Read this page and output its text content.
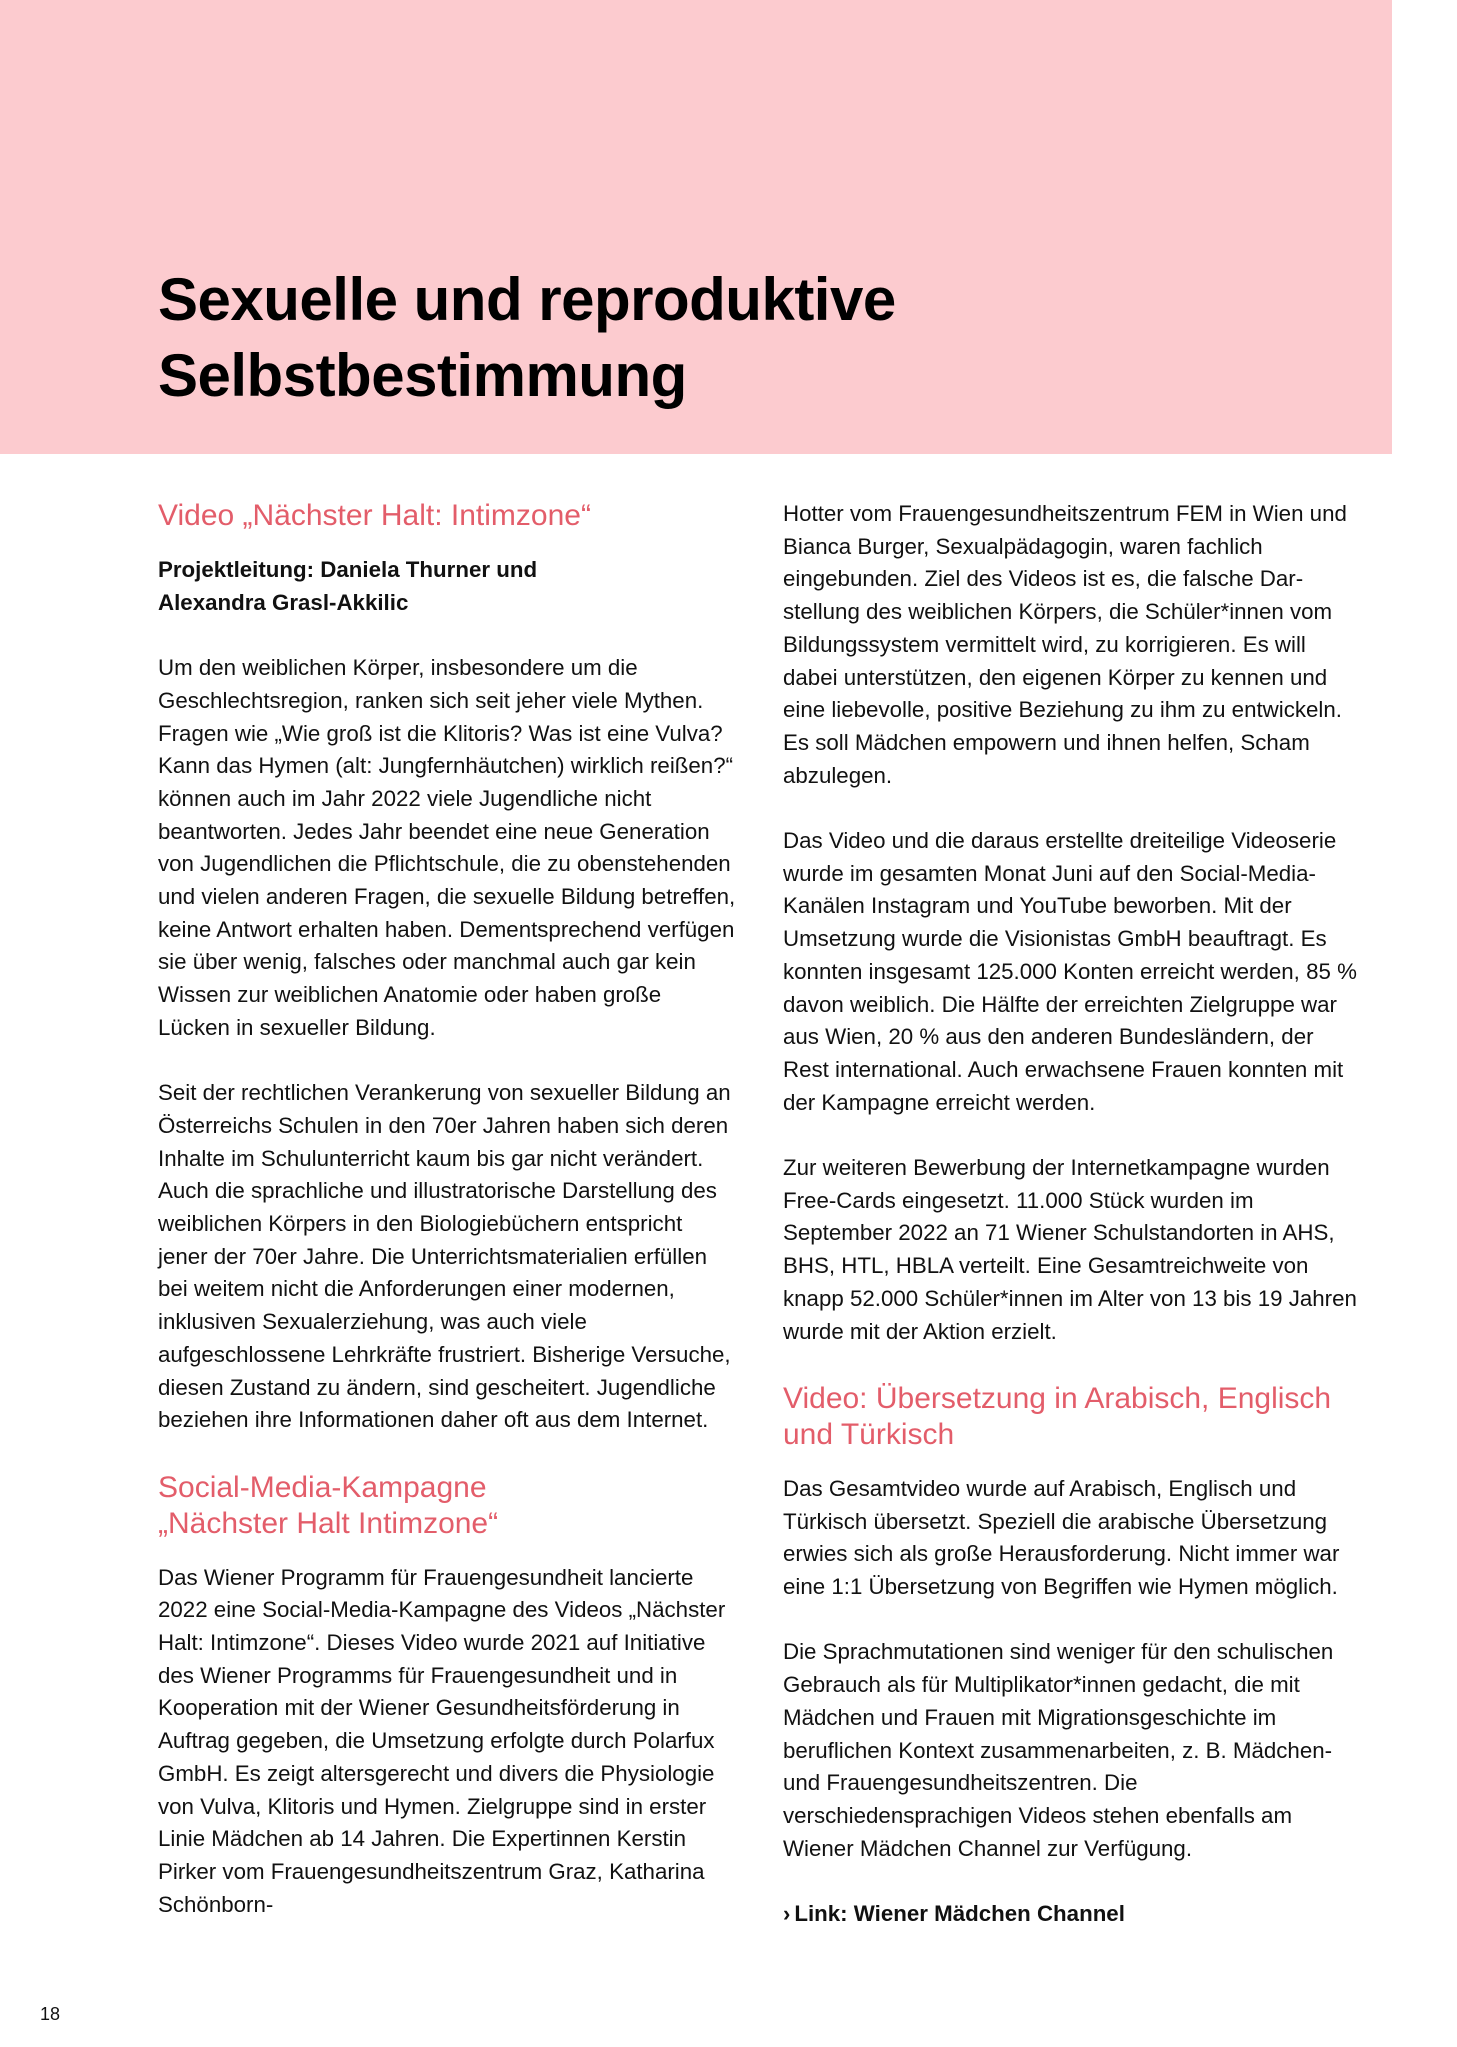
Sexuelle und reproduktive
Selbstbestimmung
Video „Nächster Halt: Intimzone“

Projektleitung: Daniela Thurner und
Alexandra Grasl-Akkilic

Um den weiblichen Körper, insbesondere um die Geschlechtsregion, ranken sich seit jeher viele Mythen. Fragen wie „Wie groß ist die Klitoris? Was ist eine Vulva? Kann das Hymen (alt: Jungfernhäutchen) wirklich reißen?“ können auch im Jahr 2022 viele Jugendliche nicht beantworten. Jedes Jahr beendet eine neue Generation von Jugendlichen die Pflichtschule, die zu obenstehenden und vielen anderen Fragen, die sexuelle Bildung betreffen, keine Antwort erhalten haben. Dementsprechend verfügen sie über wenig, falsches oder manchmal auch gar kein Wissen zur weiblichen Anatomie oder haben große Lücken in sexueller Bildung.

Seit der rechtlichen Verankerung von sexueller Bildung an Österreichs Schulen in den 70er Jahren haben sich deren Inhalte im Schulunterricht kaum bis gar nicht verändert. Auch die sprachliche und illustratorische Darstellung des weiblichen Körpers in den Biologiebüchern entspricht jener der 70er Jahre. Die Unterrichtsmaterialien erfüllen bei weitem nicht die Anforderungen einer modernen, inklusiven Sexualerziehung, was auch viele aufgeschlossene Lehrkräfte frustriert. Bisherige Versuche, diesen Zustand zu ändern, sind gescheitert. Jugendliche beziehen ihre Informationen daher oft aus dem Internet.

Social-Media-Kampagne
„Nächster Halt Intimzone“

Das Wiener Programm für Frauengesundheit lancierte 2022 eine Social-Media-Kampagne des Videos „Nächster Halt: Intimzone“. Dieses Video wurde 2021 auf Initiative des Wiener Programms für Frauengesundheit und in Kooperation mit der Wiener Gesundheitsförderung in Auftrag gegeben, die Umsetzung erfolgte durch Polarfux GmbH. Es zeigt altersgerecht und divers die Physiologie von Vulva, Klitoris und Hymen. Zielgruppe sind in erster Linie Mädchen ab 14 Jahren. Die Expertinnen Kerstin Pirker vom Frauengesundheitszentrum Graz, Katharina Schönborn-

Hotter vom Frauengesundheitszentrum FEM in Wien und Bianca Burger, Sexualpädagogin, waren fachlich eingebunden. Ziel des Videos ist es, die falsche Darstellung des weiblichen Körpers, die Schüler*innen vom Bildungssystem vermittelt wird, zu korrigieren. Es will dabei unterstützen, den eigenen Körper zu kennen und eine liebevolle, positive Beziehung zu ihm zu entwickeln. Es soll Mädchen empowern und ihnen helfen, Scham abzulegen.

Das Video und die daraus erstellte dreiteilige Videoserie wurde im gesamten Monat Juni auf den Social-Media-Kanälen Instagram und YouTube beworben. Mit der Umsetzung wurde die Visionistas GmbH beauftragt. Es konnten insgesamt 125.000 Konten erreicht werden, 85 % davon weiblich. Die Hälfte der erreichten Zielgruppe war aus Wien, 20 % aus den anderen Bundesländern, der Rest international. Auch erwachsene Frauen konnten mit der Kampagne erreicht werden.

Zur weiteren Bewerbung der Internetkampagne wurden Free-Cards eingesetzt. 11.000 Stück wurden im September 2022 an 71 Wiener Schulstandorten in AHS, BHS, HTL, HBLA verteilt. Eine Gesamtreichweite von knapp 52.000 Schüler*innen im Alter von 13 bis 19 Jahren wurde mit der Aktion erzielt.

Video: Übersetzung in Arabisch, Englisch
und Türkisch

Das Gesamtvideo wurde auf Arabisch, Englisch und Türkisch übersetzt. Speziell die arabische Übersetzung erwies sich als große Herausforderung. Nicht immer war eine 1:1 Übersetzung von Begriffen wie Hymen möglich.

Die Sprachmutationen sind weniger für den schulischen Gebrauch als für Multiplikator*innen gedacht, die mit Mädchen und Frauen mit Migrationsgeschichte im beruflichen Kontext zusammenarbeiten, z. B. Mädchen- und Frauengesundheitszentren. Die verschiedensprachigen Videos stehen ebenfalls am Wiener Mädchen Channel zur Verfügung.

› Link: Wiener Mädchen Channel
18
